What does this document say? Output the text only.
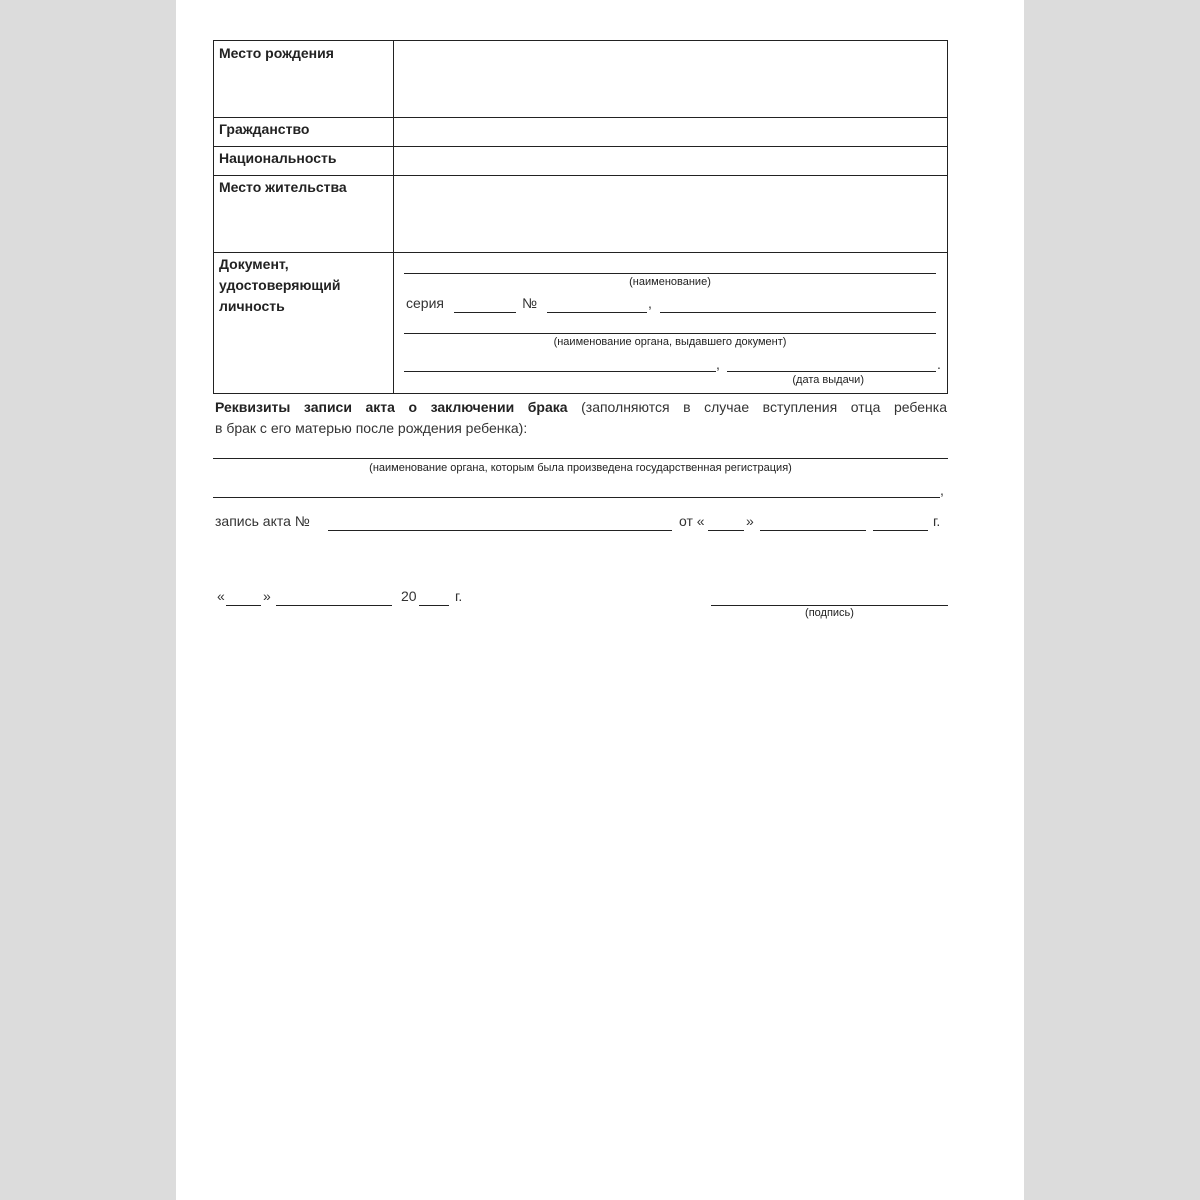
Место рождения
Гражданство
Национальность
Место жительства
Документ, удостоверяющий личность
(наименование)
серия	№	,
(наименование органа, выдавшего документ)
,	.
(дата выдачи)
Реквизиты записи акта о заключении брака (заполняются в случае вступления отца ребенка
в брак с его матерью после рождения ребенка):
(наименование органа, которым была произведена государственная регистрация)
,
запись акта №	от «	»	г.
«	»	20	г.
(подпись)
